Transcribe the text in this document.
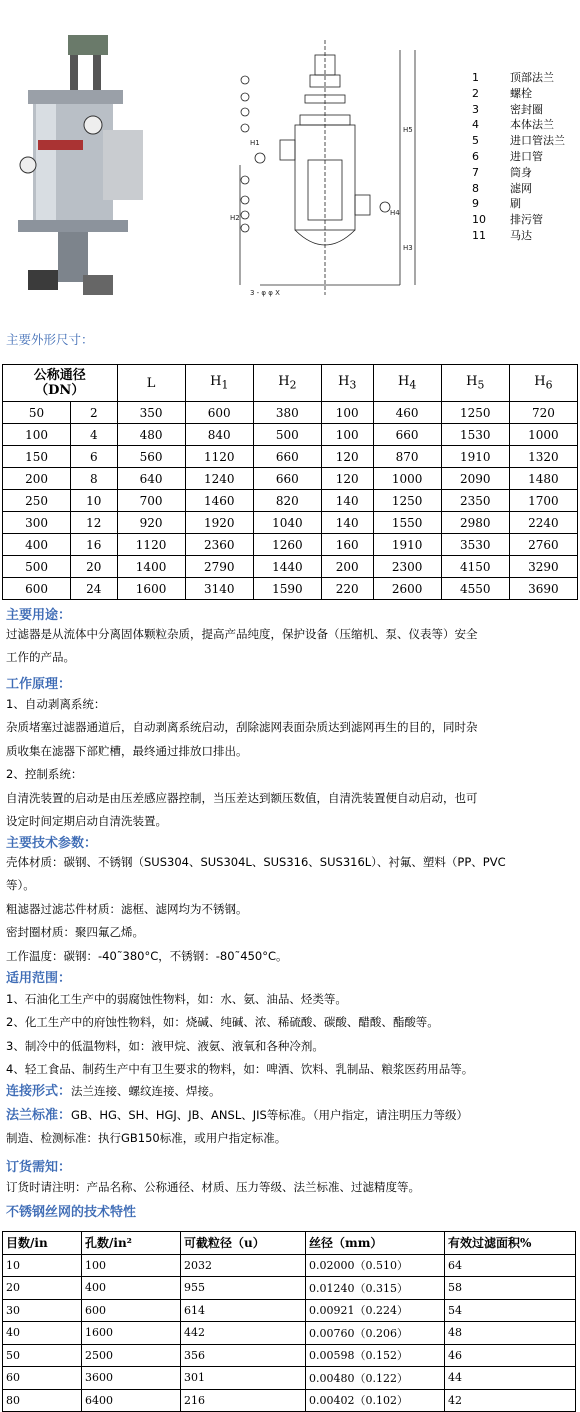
H1
H5
H4
H3
H2
3 - φ φ X
1	顶部法兰
2	螺栓
3	密封圈
4	本体法兰
5	进口管法兰
6	进口管
7	筒身
8	滤网
9	刷
10	排污管
11	马达
主要外形尺寸：
公称通径
（DN）		L	$H_1$	$H_2$	$H_3$	$H_4$	$H_5$	$H_6$
50	2	350	600	380	100	460	1250	720
100	4	480	840	500	100	660	1530	1000
150	6	560	1120	660	120	870	1910	1320
200	8	640	1240	660	120	1000	2090	1480
250	10	700	1460	820	140	1250	2350	1700
300	12	920	1920	1040	140	1550	2980	2240
400	16	1120	2360	1260	160	1910	3530	2760
500	20	1400	2790	1440	200	2300	4150	3290
600	24	1600	3140	1590	220	2600	4550	3690
主要用途：
过滤器是从流体中分离固体颗粒杂质，提高产品纯度，保护设备（压缩机、泵、仪表等）安全
工作的产品。
工作原理：
1、自动剥离系统：
杂质堵塞过滤器通道后，自动剥离系统启动，刮除滤网表面杂质达到滤网再生的目的，同时杂
质收集在滤器下部贮槽，最终通过排放口排出。
2、控制系统：
自清洗装置的启动是由压差感应器控制，当压差达到额压数值，自清洗装置便自动启动，也可
设定时间定期启动自清洗装置。
主要技术参数：
壳体材质：碳钢、不锈钢（SUS304、SUS304L、SUS316、SUS316L）、衬氟、塑料（PP、PVC
等）。
粗滤器过滤芯件材质：滤框、滤网均为不锈钢。
密封圈材质：聚四氟乙烯。
工作温度：碳钢：-40˜380°C，不锈钢：-80˜450°C。
适用范围：
1、石油化工生产中的弱腐蚀性物料，如：水、氨、油品、烃类等。
2、化工生产中的府蚀性物料，如：烧碱、纯碱、浓、稀硫酸、碳酸、醋酸、酯酸等。
3、制冷中的低温物料，如：液甲烷、液氨、液氧和各种冷剂。
4、轻工食品、制药生产中有卫生要求的物料，如：啤酒、饮料、乳制品、粮浆医药用品等。
连接形式：法兰连接、螺纹连接、焊接。
法兰标准：GB、HG、SH、HGJ、JB、ANSL、JIS等标准。（用户指定，请注明压力等级）
制造、检测标准：执行GB150标准，或用户指定标准。
订货需知：
订货时请注明：产品名称、公称通径、材质、压力等级、法兰标准、过滤精度等。
不锈钢丝网的技术特性
目数/in	孔数/in²	可截粒径（u）	丝径（mm）	有效过滤面积%
10	100	2032	0.02000（0.510）	64
20	400	955	0.01240（0.315）	58
30	600	614	0.00921（0.224）	54
40	1600	442	0.00760（0.206）	48
50	2500	356	0.00598（0.152）	46
60	3600	301	0.00480（0.122）	44
80	6400	216	0.00402（0.102）	42
